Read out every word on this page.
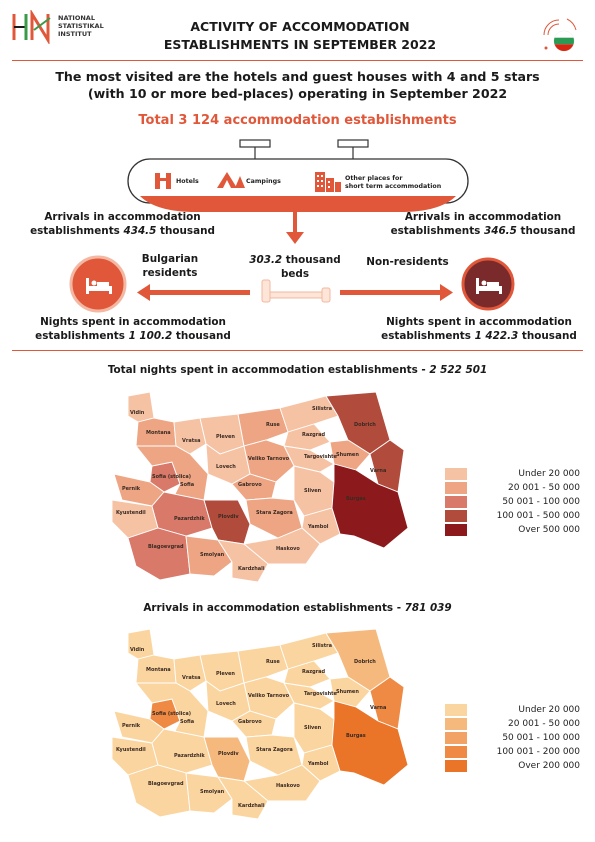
NATIONAL
STATISTIKAL
INSTITUT	ACTIVITY OF ACCOMMODATION
ESTABLISHMENTS IN SEPTEMBER 2022
The most visited are the hotels and guest houses with 4 and 5 stars
(with 10 or more bed-places) operating in September 2022
Total 3 124 accommodation establishments
Hotels	Campings	Other places for
short term accommodation
Arrivals in accommodation
establishments 434.5 thousand
Arrivals in accommodation
establishments 346.5 thousand
303.2 thousand
beds
Bulgarian
residents
Non-residents
Nights spent in accommodation
establishments 1 100.2 thousand
Nights spent in accommodation
establishments 1 422.3 thousand
Total nights spent in accommodation establishments - 2 522 501
Vidin
Montana
Vratsa
Pleven
Ruse
Silistra
Razgrad
Dobrich
Shumen
Targovishte
Veliko Tarnovo
Lovech
Gabrovo
Varna
Sofia (stolica)
Sofia
Pernik
Kyustendil
Pazardzhik	Plovdiv
Stara Zagora
Sliven
Yambol
Burgas
Blagoevgrad
Smolyan
Haskovo
Kardzhali
Under 20 000
20 001 - 50 000
50 001 - 100 000
100 001 - 500 000
Over 500 000
Arrivals in accommodation establishments - 781 039
Vidin
Montana
Vratsa
Pleven
Ruse
Silistra
Razgrad
Dobrich
Shumen
Targovishte
Veliko Tarnovo
Lovech
Gabrovo
Varna
Sofia (stolica)
Sofia
Pernik
Kyustendil
Pazardzhik	Plovdiv
Stara Zagora
Sliven
Yambol
Burgas
Blagoevgrad
Smolyan
Haskovo
Kardzhali
Under 20 000
20 001 - 50 000
50 001 - 100 000
100 001 - 200 000
Over 200 000
